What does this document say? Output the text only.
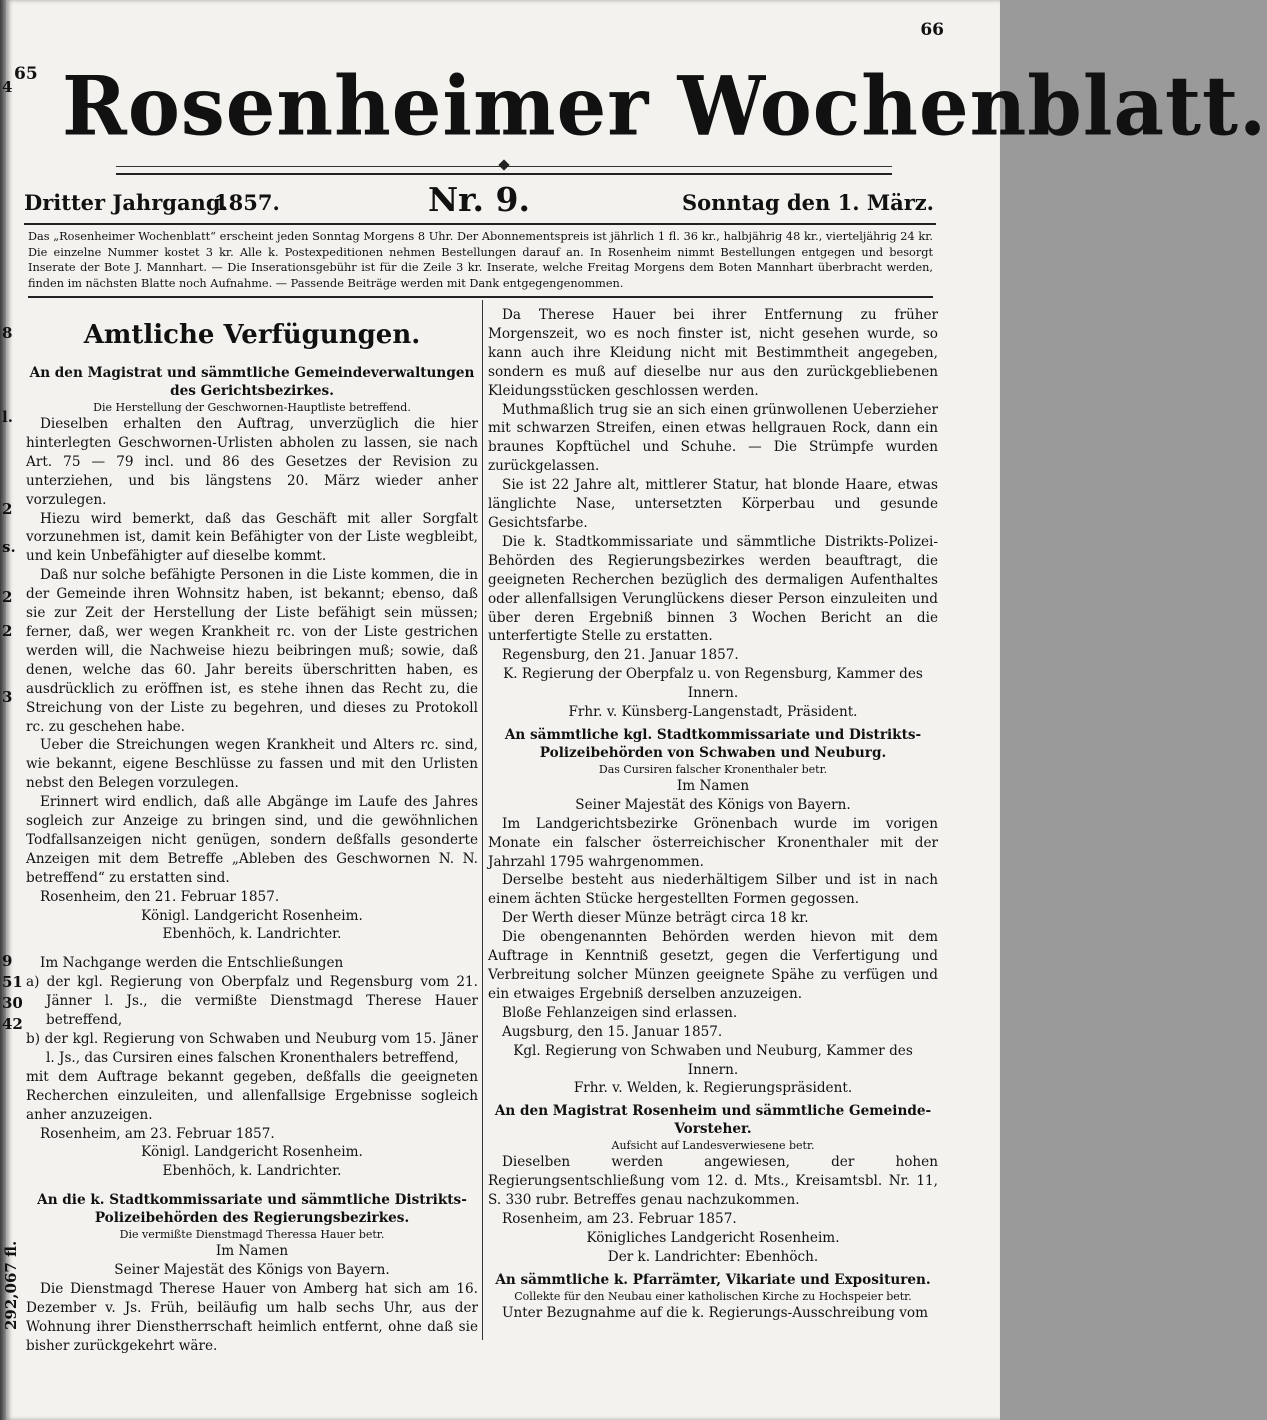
65
66
4
8
l.
2
s.
2
2
3
9
51
30
42
292,067 fl.
Rosenheimer Wochenblatt.
Dritter Jahrgang.
1857.	Nr. 9.	Sonntag den 1. März.
Das „Rosenheimer Wochenblatt“ erscheint jeden Sonntag Morgens 8 Uhr. Der Abonnementspreis ist jährlich 1 fl. 36 kr., halbjährig 48 kr., vierteljährig 24 kr. Die einzelne Nummer kostet 3 kr. Alle k. Postexpeditionen nehmen Bestellungen darauf an. In Rosenheim nimmt Bestellungen entgegen und besorgt Inserate der Bote J. Mannhart. — Die Inserationsgebühr ist für die Zeile 3 kr. Inserate, welche Freitag Morgens dem Boten Mannhart überbracht werden, finden im nächsten Blatte noch Aufnahme. — Passende Beiträge werden mit Dank entgegengenommen.
Amtliche Verfügungen.
An den Magistrat und sämmtliche Gemeindeverwaltungen des Gerichtsbezirkes.
Die Herstellung der Geschwornen-Hauptliste betreffend.

Dieselben erhalten den Auftrag, unverzüglich die hier hinterlegten Geschwornen-Urlisten abholen zu lassen, sie nach Art. 75 — 79 incl. und 86 des Gesetzes der Revision zu unterziehen, und bis längstens 20. März wieder anher vorzulegen.

Hiezu wird bemerkt, daß das Geschäft mit aller Sorgfalt vorzunehmen ist, damit kein Befähigter von der Liste wegbleibt, und kein Unbefähigter auf dieselbe kommt.

Daß nur solche befähigte Personen in die Liste kommen, die in der Gemeinde ihren Wohnsitz haben, ist bekannt; ebenso, daß sie zur Zeit der Herstellung der Liste befähigt sein müssen; ferner, daß, wer wegen Krankheit rc. von der Liste gestrichen werden will, die Nachweise hiezu beibringen muß; sowie, daß denen, welche das 60. Jahr bereits überschritten haben, es ausdrücklich zu eröffnen ist, es stehe ihnen das Recht zu, die Streichung von der Liste zu begehren, und dieses zu Protokoll rc. zu geschehen habe.

Ueber die Streichungen wegen Krankheit und Alters rc. sind, wie bekannt, eigene Beschlüsse zu fassen und mit den Urlisten nebst den Belegen vorzulegen.

Erinnert wird endlich, daß alle Abgänge im Laufe des Jahres sogleich zur Anzeige zu bringen sind, und die gewöhnlichen Todfallsanzeigen nicht genügen, sondern deßfalls gesonderte Anzeigen mit dem Betreffe „Ableben des Geschwornen N. N. betreffend“ zu erstatten sind.

Rosenheim, den 21. Februar 1857.

Königl. Landgericht Rosenheim.
Ebenhöch, k. Landrichter.

Im Nachgange werden die Entschließungen

a) der kgl. Regierung von Oberpfalz und Regensburg vom 21. Jänner l. Js., die vermißte Dienstmagd Therese Hauer betreffend,
b) der kgl. Regierung von Schwaben und Neuburg vom 15. Jäner l. Js., das Cursiren eines falschen Kronenthalers betreffend,

mit dem Auftrage bekannt gegeben, deßfalls die geeigneten Recherchen einzuleiten, und allenfallsige Ergebnisse sogleich anher anzuzeigen.

Rosenheim, am 23. Februar 1857.

Königl. Landgericht Rosenheim.
Ebenhöch, k. Landrichter.
An die k. Stadtkommissariate und sämmtliche Distrikts-Polizeibehörden des Regierungsbezirkes.
Die vermißte Dienstmagd Theressa Hauer betr.
Im Namen
Seiner Majestät des Königs von Bayern.

Die Dienstmagd Therese Hauer von Amberg hat sich am 16. Dezember v. Js. Früh, beiläufig um halb sechs Uhr, aus der Wohnung ihrer Dienstherrschaft heimlich entfernt, ohne daß sie bisher zurückgekehrt wäre.

Da Therese Hauer bei ihrer Entfernung zu früher Morgenszeit, wo es noch finster ist, nicht gesehen wurde, so kann auch ihre Kleidung nicht mit Bestimmtheit angegeben, sondern es muß auf dieselbe nur aus den zurückgebliebenen Kleidungsstücken geschlossen werden.

Muthmaßlich trug sie an sich einen grünwollenen Ueberzieher mit schwarzen Streifen, einen etwas hellgrauen Rock, dann ein braunes Kopftüchel und Schuhe. — Die Strümpfe wurden zurückgelassen.

Sie ist 22 Jahre alt, mittlerer Statur, hat blonde Haare, etwas länglichte Nase, untersetzten Körperbau und gesunde Gesichtsfarbe.

Die k. Stadtkommissariate und sämmtliche Distrikts-Polizei-Behörden des Regierungsbezirkes werden beauftragt, die geeigneten Recherchen bezüglich des dermaligen Aufenthaltes oder allenfallsigen Verunglückens dieser Person einzuleiten und über deren Ergebniß binnen 3 Wochen Bericht an die unterfertigte Stelle zu erstatten.

Regensburg, den 21. Januar 1857.

K. Regierung der Oberpfalz u. von Regensburg, Kammer des Innern.
Frhr. v. Künsberg-Langenstadt, Präsident.
An sämmtliche kgl. Stadtkommissariate und Distrikts-Polizeibehörden von Schwaben und Neuburg.
Das Cursiren falscher Kronenthaler betr.
Im Namen
Seiner Majestät des Königs von Bayern.

Im Landgerichtsbezirke Grönenbach wurde im vorigen Monate ein falscher österreichischer Kronenthaler mit der Jahrzahl 1795 wahrgenommen.

Derselbe besteht aus niederhältigem Silber und ist in nach einem ächten Stücke hergestellten Formen gegossen.

Der Werth dieser Münze beträgt circa 18 kr.

Die obengenannten Behörden werden hievon mit dem Auftrage in Kenntniß gesetzt, gegen die Verfertigung und Verbreitung solcher Münzen geeignete Spähe zu verfügen und ein etwaiges Ergebniß derselben anzuzeigen.

Bloße Fehlanzeigen sind erlassen.

Augsburg, den 15. Januar 1857.

Kgl. Regierung von Schwaben und Neuburg, Kammer des Innern.
Frhr. v. Welden, k. Regierungspräsident.
An den Magistrat Rosenheim und sämmtliche Gemeinde-Vorsteher.
Aufsicht auf Landesverwiesene betr.

Dieselben werden angewiesen, der hohen Regierungsentschließung vom 12. d. Mts., Kreisamtsbl. Nr. 11, S. 330 rubr. Betreffes genau nachzukommen.

Rosenheim, am 23. Februar 1857.

Königliches Landgericht Rosenheim.
Der k. Landrichter: Ebenhöch.
An sämmtliche k. Pfarrämter, Vikariate und Exposituren.
Collekte für den Neubau einer katholischen Kirche zu Hochspeier betr.

Unter Bezugnahme auf die k. Regierungs-Ausschreibung vom
